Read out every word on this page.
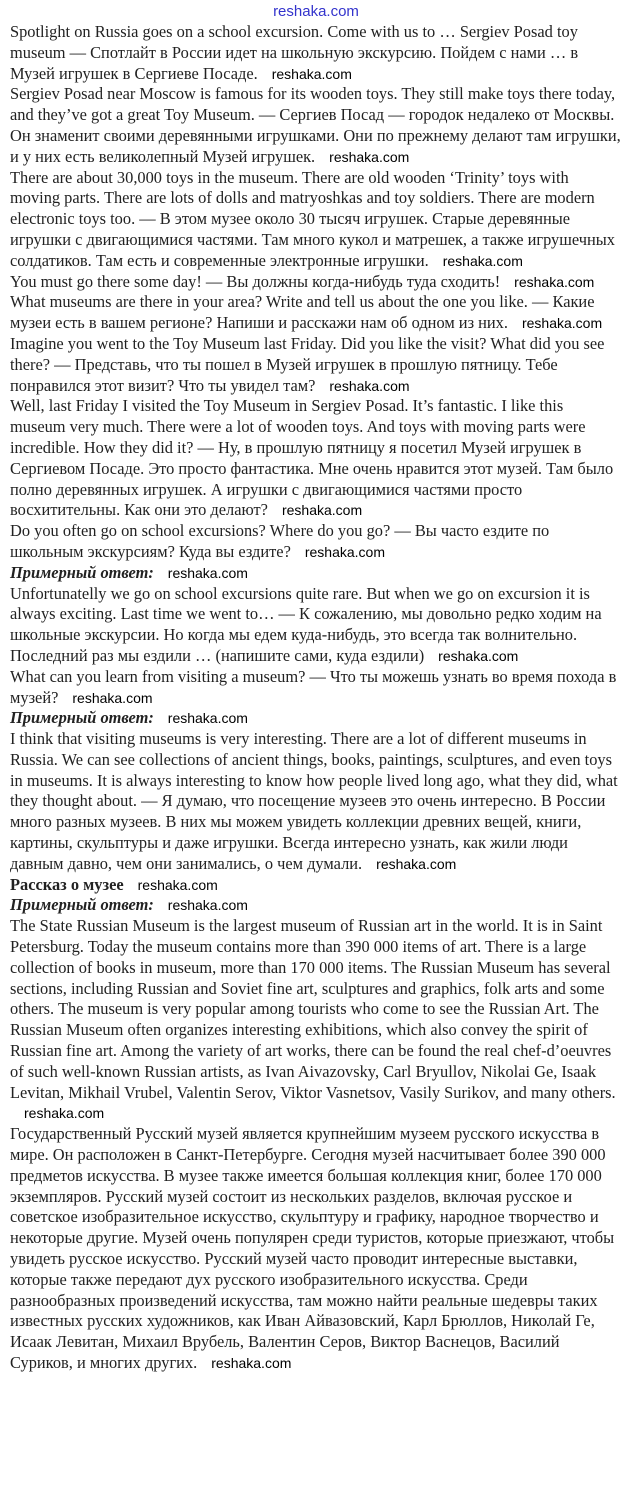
reshaka.com

Spotlight on Russia goes on a school excursion. Come with us to … Sergiev Posad toy museum — Спотлайт в России идет на школьную экскурсию. Пойдем с нами … в Музей игрушек в Сергиеве Посаде. reshaka.com

Sergiev Posad near Moscow is famous for its wooden toys. They still make toys there today, and they’ve got a great Toy Museum. — Сергиев Посад — городок недалеко от Москвы. Он знаменит своими деревянными игрушками. Они по прежнему делают там игрушки, и у них есть великолепный Музей игрушек. reshaka.com

There are about 30,000 toys in the museum. There are old wooden ‘Trinity’ toys with moving parts. There are lots of dolls and matryoshkas and toy soldiers. There are modern electronic toys too. — В этом музее около 30 тысяч игрушек. Старые деревянные игрушки с двигающимися частями. Там много кукол и матрешек, а также игрушечных солдатиков. Там есть и современные электронные игрушки. reshaka.com

You must go there some day! — Вы должны когда-нибудь туда сходить! reshaka.com

What museums are there in your area? Write and tell us about the one you like. — Какие музеи есть в вашем регионе? Напиши и расскажи нам об одном из них. reshaka.com

Imagine you went to the Toy Museum last Friday. Did you like the visit? What did you see there? — Представь, что ты пошел в Музей игрушек в прошлую пятницу. Тебе понравился этот визит? Что ты увидел там? reshaka.com

Well, last Friday I visited the Toy Museum in Sergiev Posad. It’s fantastic. I like this museum very much. There were a lot of wooden toys. And toys with moving parts were incredible. How they did it? — Ну, в прошлую пятницу я посетил Музей игрушек в Сергиевом Посаде. Это просто фантастика. Мне очень нравится этот музей. Там было полно деревянных игрушек. А игрушки с двигающимися частями просто восхитительны. Как они это делают? reshaka.com

Do you often go on school excursions? Where do you go? — Вы часто ездите по школьным экскурсиям? Куда вы ездите? reshaka.com

Примерный ответ: reshaka.com

Unfortunatelly we go on school excursions quite rare. But when we go on excursion it is always exciting. Last time we went to… — К сожалению, мы довольно редко ходим на школьные экскурсии. Но когда мы едем куда-нибудь, это всегда так волнительно. Последний раз мы ездили … (напишите сами, куда ездили) reshaka.com

What can you learn from visiting a museum? — Что ты можешь узнать во время похода в музей? reshaka.com

Примерный ответ: reshaka.com

I think that visiting museums is very interesting. There are a lot of different museums in Russia. We can see collections of ancient things, books, paintings, sculptures, and even toys in museums. It is always interesting to know how people lived long ago, what they did, what they thought about. — Я думаю, что посещение музеев это очень интересно. В России много разных музеев. В них мы можем увидеть коллекции древних вещей, книги, картины, скульптуры и даже игрушки. Всегда интересно узнать, как жили люди давным давно, чем они занимались, о чем думали. reshaka.com

Рассказ о музее reshaka.com

Примерный ответ: reshaka.com

The State Russian Museum is the largest museum of Russian art in the world. It is in Saint Petersburg. Today the museum contains more than 390 000 items of art. There is a large collection of books in museum, more than 170 000 items. The Russian Museum has several sections, including Russian and Soviet fine art, sculptures and graphics, folk arts and some others. The museum is very popular among tourists who come to see the Russian Art. The Russian Museum often organizes interesting exhibitions, which also convey the spirit of Russian fine art. Among the variety of art works, there can be found the real chef-d’oeuvres of such well-known Russian artists, as Ivan Aivazovsky, Carl Bryullov, Nikolai Ge, Isaak Levitan, Mikhail Vrubel, Valentin Serov, Viktor Vasnetsov, Vasily Surikov, and many others.reshaka.com

Государственный Русский музей является крупнейшим музеем русского искусства в мире. Он расположен в Санкт-Петербурге. Сегодня музей насчитывает более 390 000 предметов искусства. В музее также имеется большая коллекция книг, более 170 000 экземпляров. Русский музей состоит из нескольких разделов, включая русское и советское изобразительное искусство, скульптуру и графику, народное творчество и некоторые другие. Музей очень популярен среди туристов, которые приезжают, чтобы увидеть русское искусство. Русский музей часто проводит интересные выставки, которые также передают дух русского изобразительного искусства. Среди разнообразных произведений искусства, там можно найти реальные шедевры таких известных русских художников, как Иван Айвазовский, Карл Брюллов, Николай Ге, Исаак Левитан, Михаил Врубель, Валентин Серов, Виктор Васнецов, Василий Суриков, и многих других. reshaka.com
